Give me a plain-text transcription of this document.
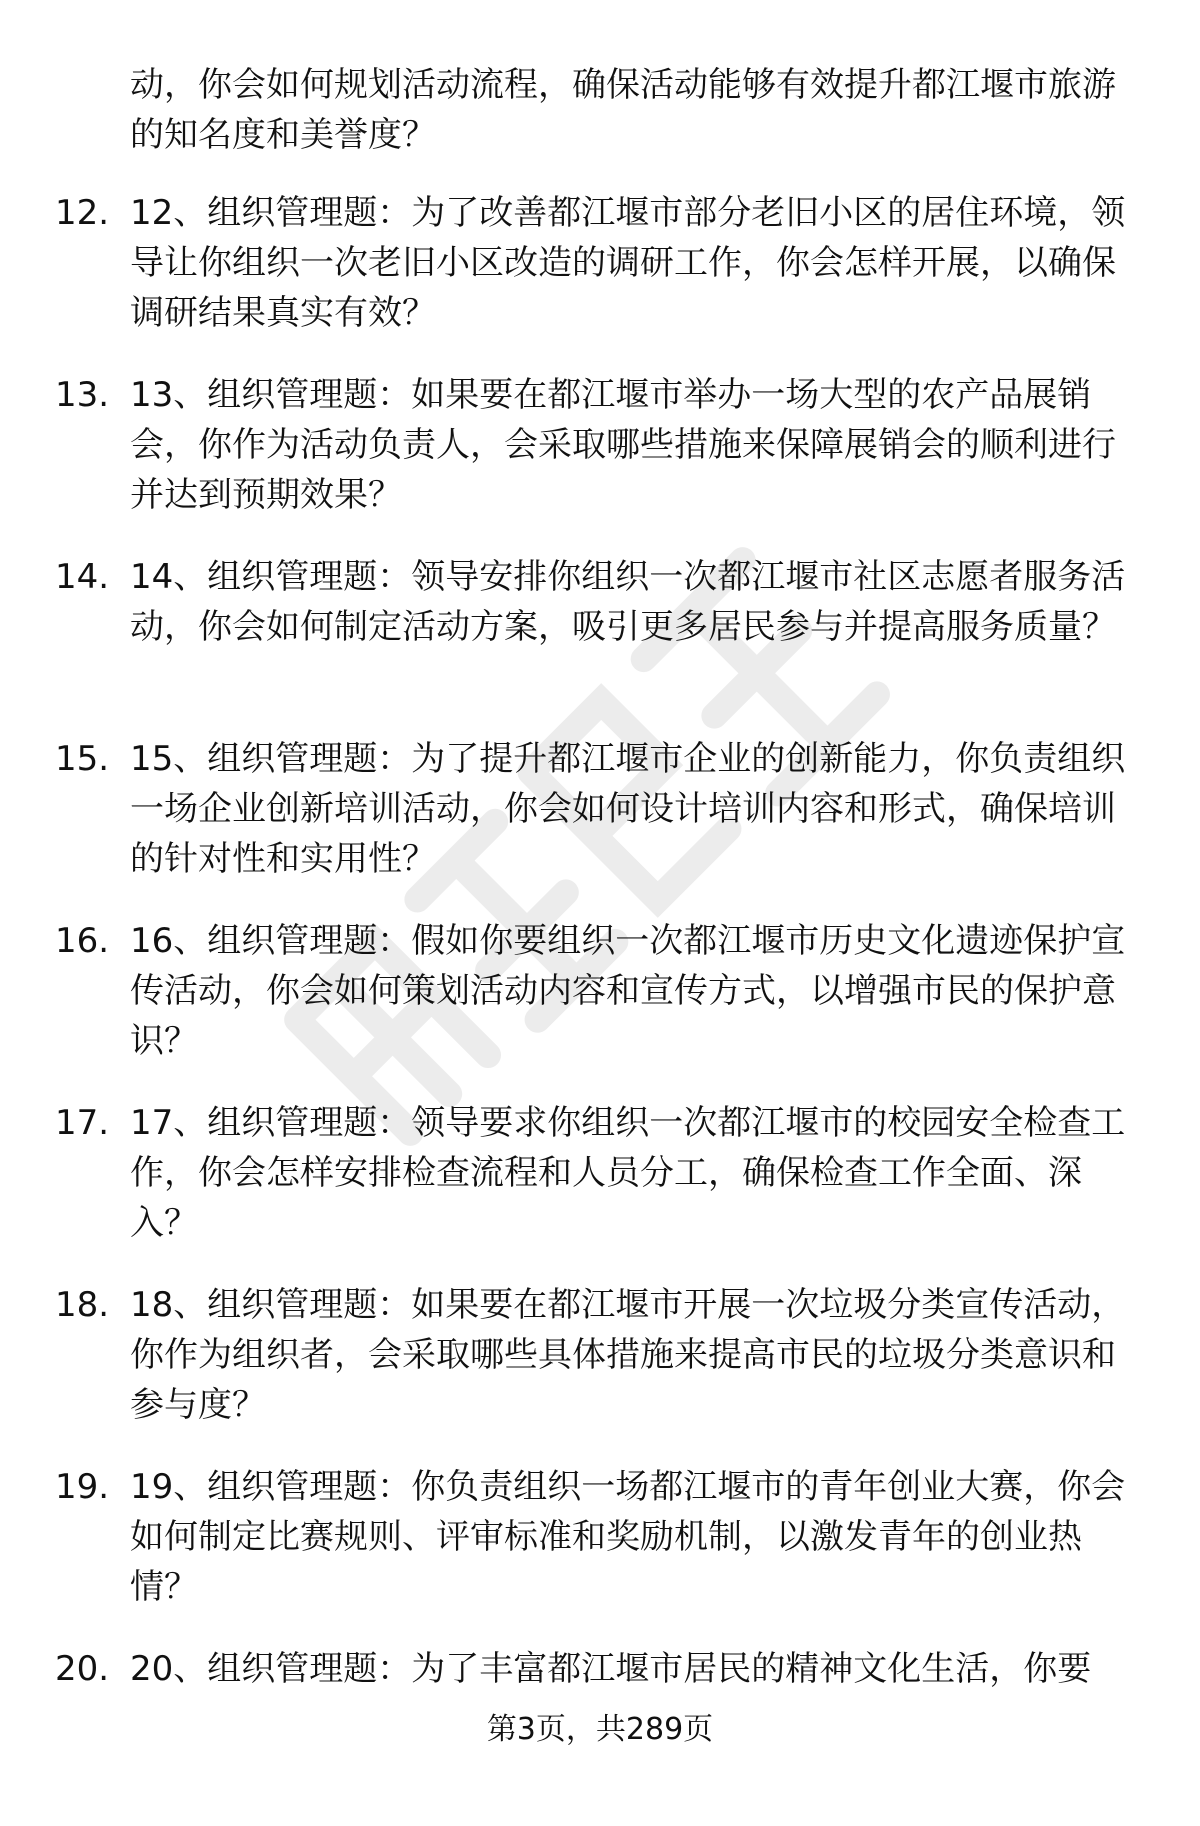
动，你会如何规划活动流程，确保活动能够有效提升都江堰市旅游的知名度和美誉度？
12. 12、组织管理题：为了改善都江堰市部分老旧小区的居住环境，领导让你组织一次老旧小区改造的调研工作，你会怎样开展，以确保调研结果真实有效？
13. 13、组织管理题：如果要在都江堰市举办一场大型的农产品展销会，你作为活动负责人，会采取哪些措施来保障展销会的顺利进行并达到预期效果？
14. 14、组织管理题：领导安排你组织一次都江堰市社区志愿者服务活动，你会如何制定活动方案，吸引更多居民参与并提高服务质量？
15. 15、组织管理题：为了提升都江堰市企业的创新能力，你负责组织一场企业创新培训活动，你会如何设计培训内容和形式，确保培训的针对性和实用性？
16. 16、组织管理题：假如你要组织一次都江堰市历史文化遗迹保护宣传活动，你会如何策划活动内容和宣传方式，以增强市民的保护意识？
17. 17、组织管理题：领导要求你组织一次都江堰市的校园安全检查工作，你会怎样安排检查流程和人员分工，确保检查工作全面、深入？
18. 18、组织管理题：如果要在都江堰市开展一次垃圾分类宣传活动，你作为组织者，会采取哪些具体措施来提高市民的垃圾分类意识和参与度？
19. 19、组织管理题：你负责组织一场都江堰市的青年创业大赛，你会如何制定比赛规则、评审标准和奖励机制，以激发青年的创业热情？
20. 20、组织管理题：为了丰富都江堰市居民的精神文化生活，你要
第3页，共289页
